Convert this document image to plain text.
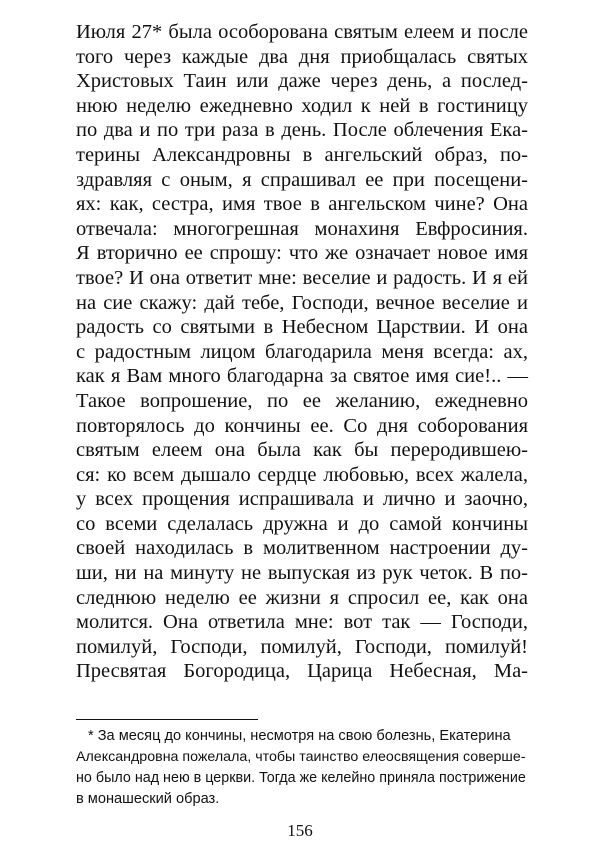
Июля 27* была особорована святым елеем и после
того через каждые два дня приобщалась святых
Христовых Таин или даже через день, а послед-
нюю неделю ежедневно ходил к ней в гостиницу
по два и по три раза в день. После облечения Ека-
терины Александровны в ангельский образ, по-
здравляя с оным, я спрашивал ее при посещени-
ях: как, сестра, имя твое в ангельском чине? Она
отвечала: многогрешная монахиня Евфросиния.
Я вторично ее спрошу: что же означает новое имя
твое? И она ответит мне: веселие и радость. И я ей
на сие скажу: дай тебе, Господи, вечное веселие и
радость со святыми в Небесном Царствии. И она
с радостным лицом благодарила меня всегда: ах,
как я Вам много благодарна за святое имя сие!.. —
Такое вопрошение, по ее желанию, ежедневно
повторялось до кончины ее. Со дня соборования
святым елеем она была как бы переродившею-
ся: ко всем дышало сердце любовью, всех жалела,
у всех прощения испрашивала и лично и заочно,
со всеми сделалась дружна и до самой кончины
своей находилась в молитвенном настроении ду-
ши, ни на минуту не выпуская из рук четок. В по-
следнюю неделю ее жизни я спросил ее, как она
молится. Она ответила мне: вот так — Господи,
помилуй, Господи, помилуй, Господи, помилуй!
Пресвятая Богородица, Царица Небесная, Ма-
* За месяц до кончины, несмотря на свою болезнь, Екатерина
Александровна пожелала, чтобы таинство елеосвящения соверше-
но было над нею в церкви. Тогда же келейно приняла пострижение
в монашеский образ.
156
